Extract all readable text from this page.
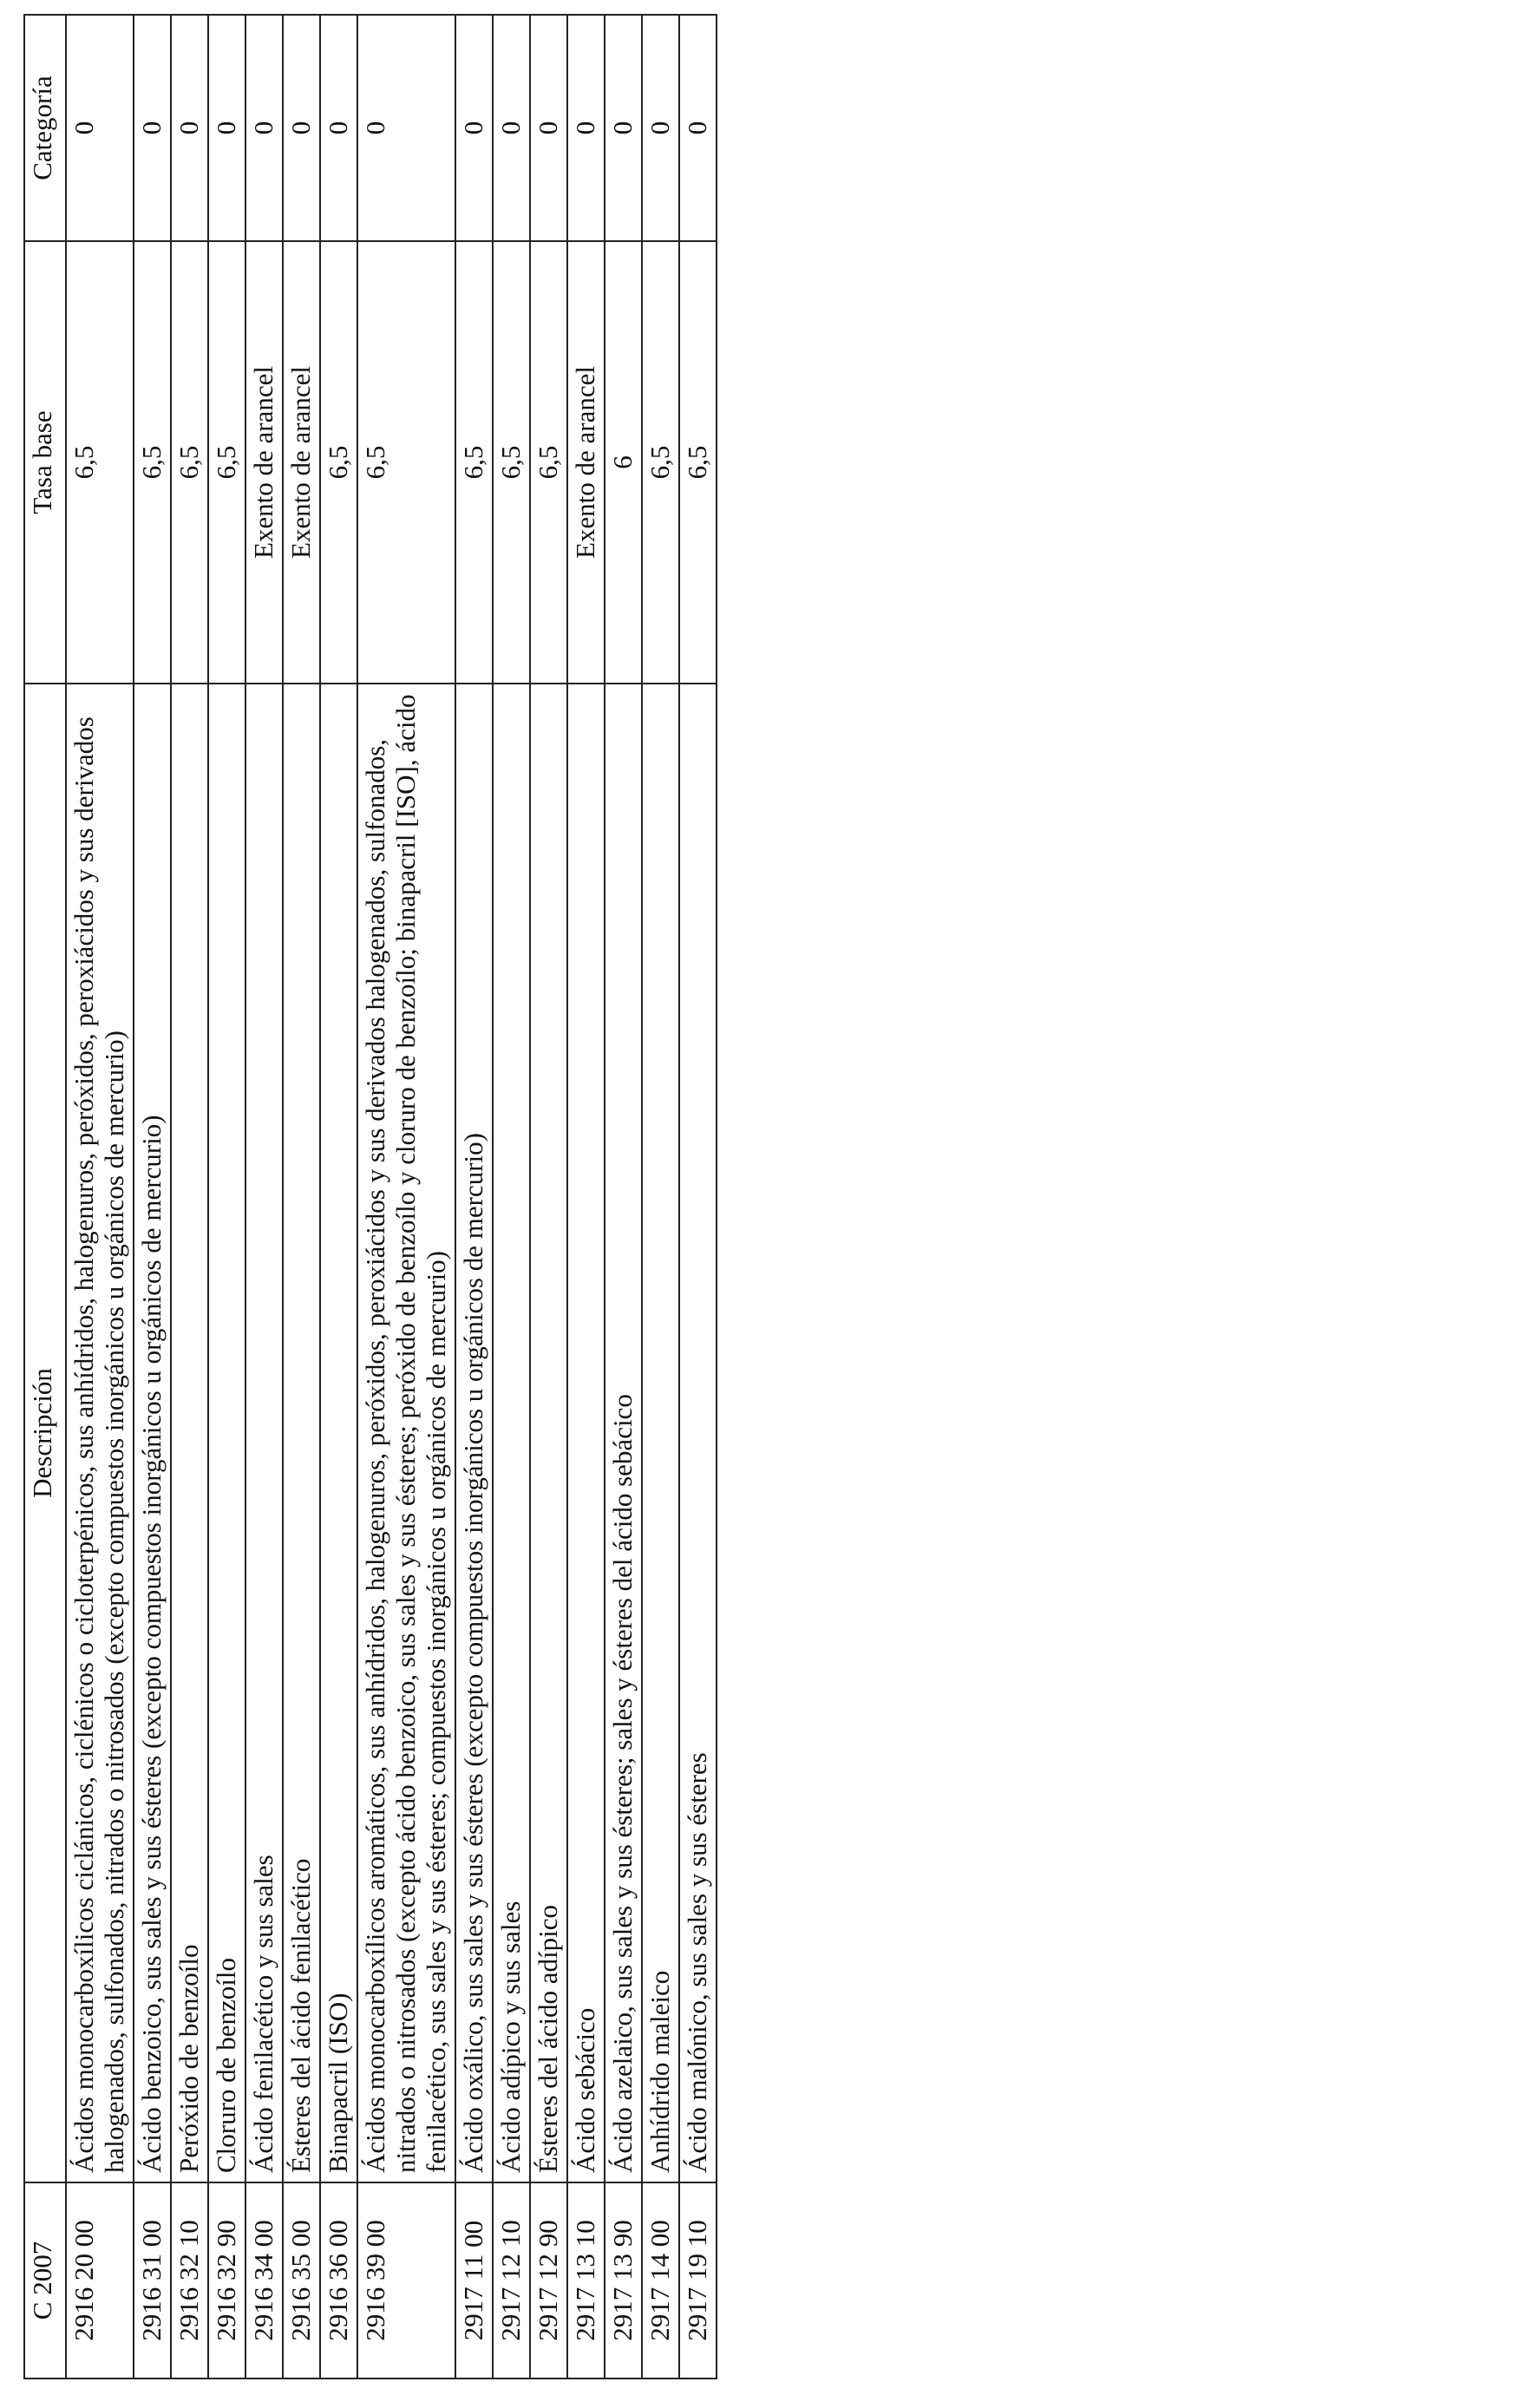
C 2007	Descripción	Tasa base	Categoría
2916 20 00	Ácidos monocarboxílicos ciclánicos, ciclénicos o cicloterpénicos, sus anhídridos, halogenuros, peróxidos, peroxiácidos y sus derivados halogenados, sulfonados, nitrados o nitrosados (excepto compuestos inorgánicos u orgánicos de mercurio)	6,5	0
2916 31 00	Ácido benzoico, sus sales y sus ésteres (excepto compuestos inorgánicos u orgánicos de mercurio)	6,5	0
2916 32 10	Peróxido de benzoílo	6,5	0
2916 32 90	Cloruro de benzoílo	6,5	0
2916 34 00	Ácido fenilacético y sus sales	Exento de arancel	0
2916 35 00	Ésteres del ácido fenilacético	Exento de arancel	0
2916 36 00	Binapacril (ISO)	6,5	0
2916 39 00	Ácidos monocarboxílicos aromáticos, sus anhídridos, halogenuros, peróxidos, peroxiácidos y sus derivados halogenados, sulfonados, nitrados o nitrosados (excepto ácido benzoico, sus sales y sus ésteres; peróxido de benzoílo y cloruro de benzoílo; binapacril [ISO], ácido fenilacético, sus sales y sus ésteres; compuestos inorgánicos u orgánicos de mercurio)	6,5	0
2917 11 00	Ácido oxálico, sus sales y sus ésteres (excepto compuestos inorgánicos u orgánicos de mercurio)	6,5	0
2917 12 10	Ácido adípico y sus sales	6,5	0
2917 12 90	Ésteres del ácido adípico	6,5	0
2917 13 10	Ácido sebácico	Exento de arancel	0
2917 13 90	Ácido azelaico, sus sales y sus ésteres; sales y ésteres del ácido sebácico	6	0
2917 14 00	Anhídrido maleico	6,5	0
2917 19 10	Ácido malónico, sus sales y sus ésteres	6,5	0
